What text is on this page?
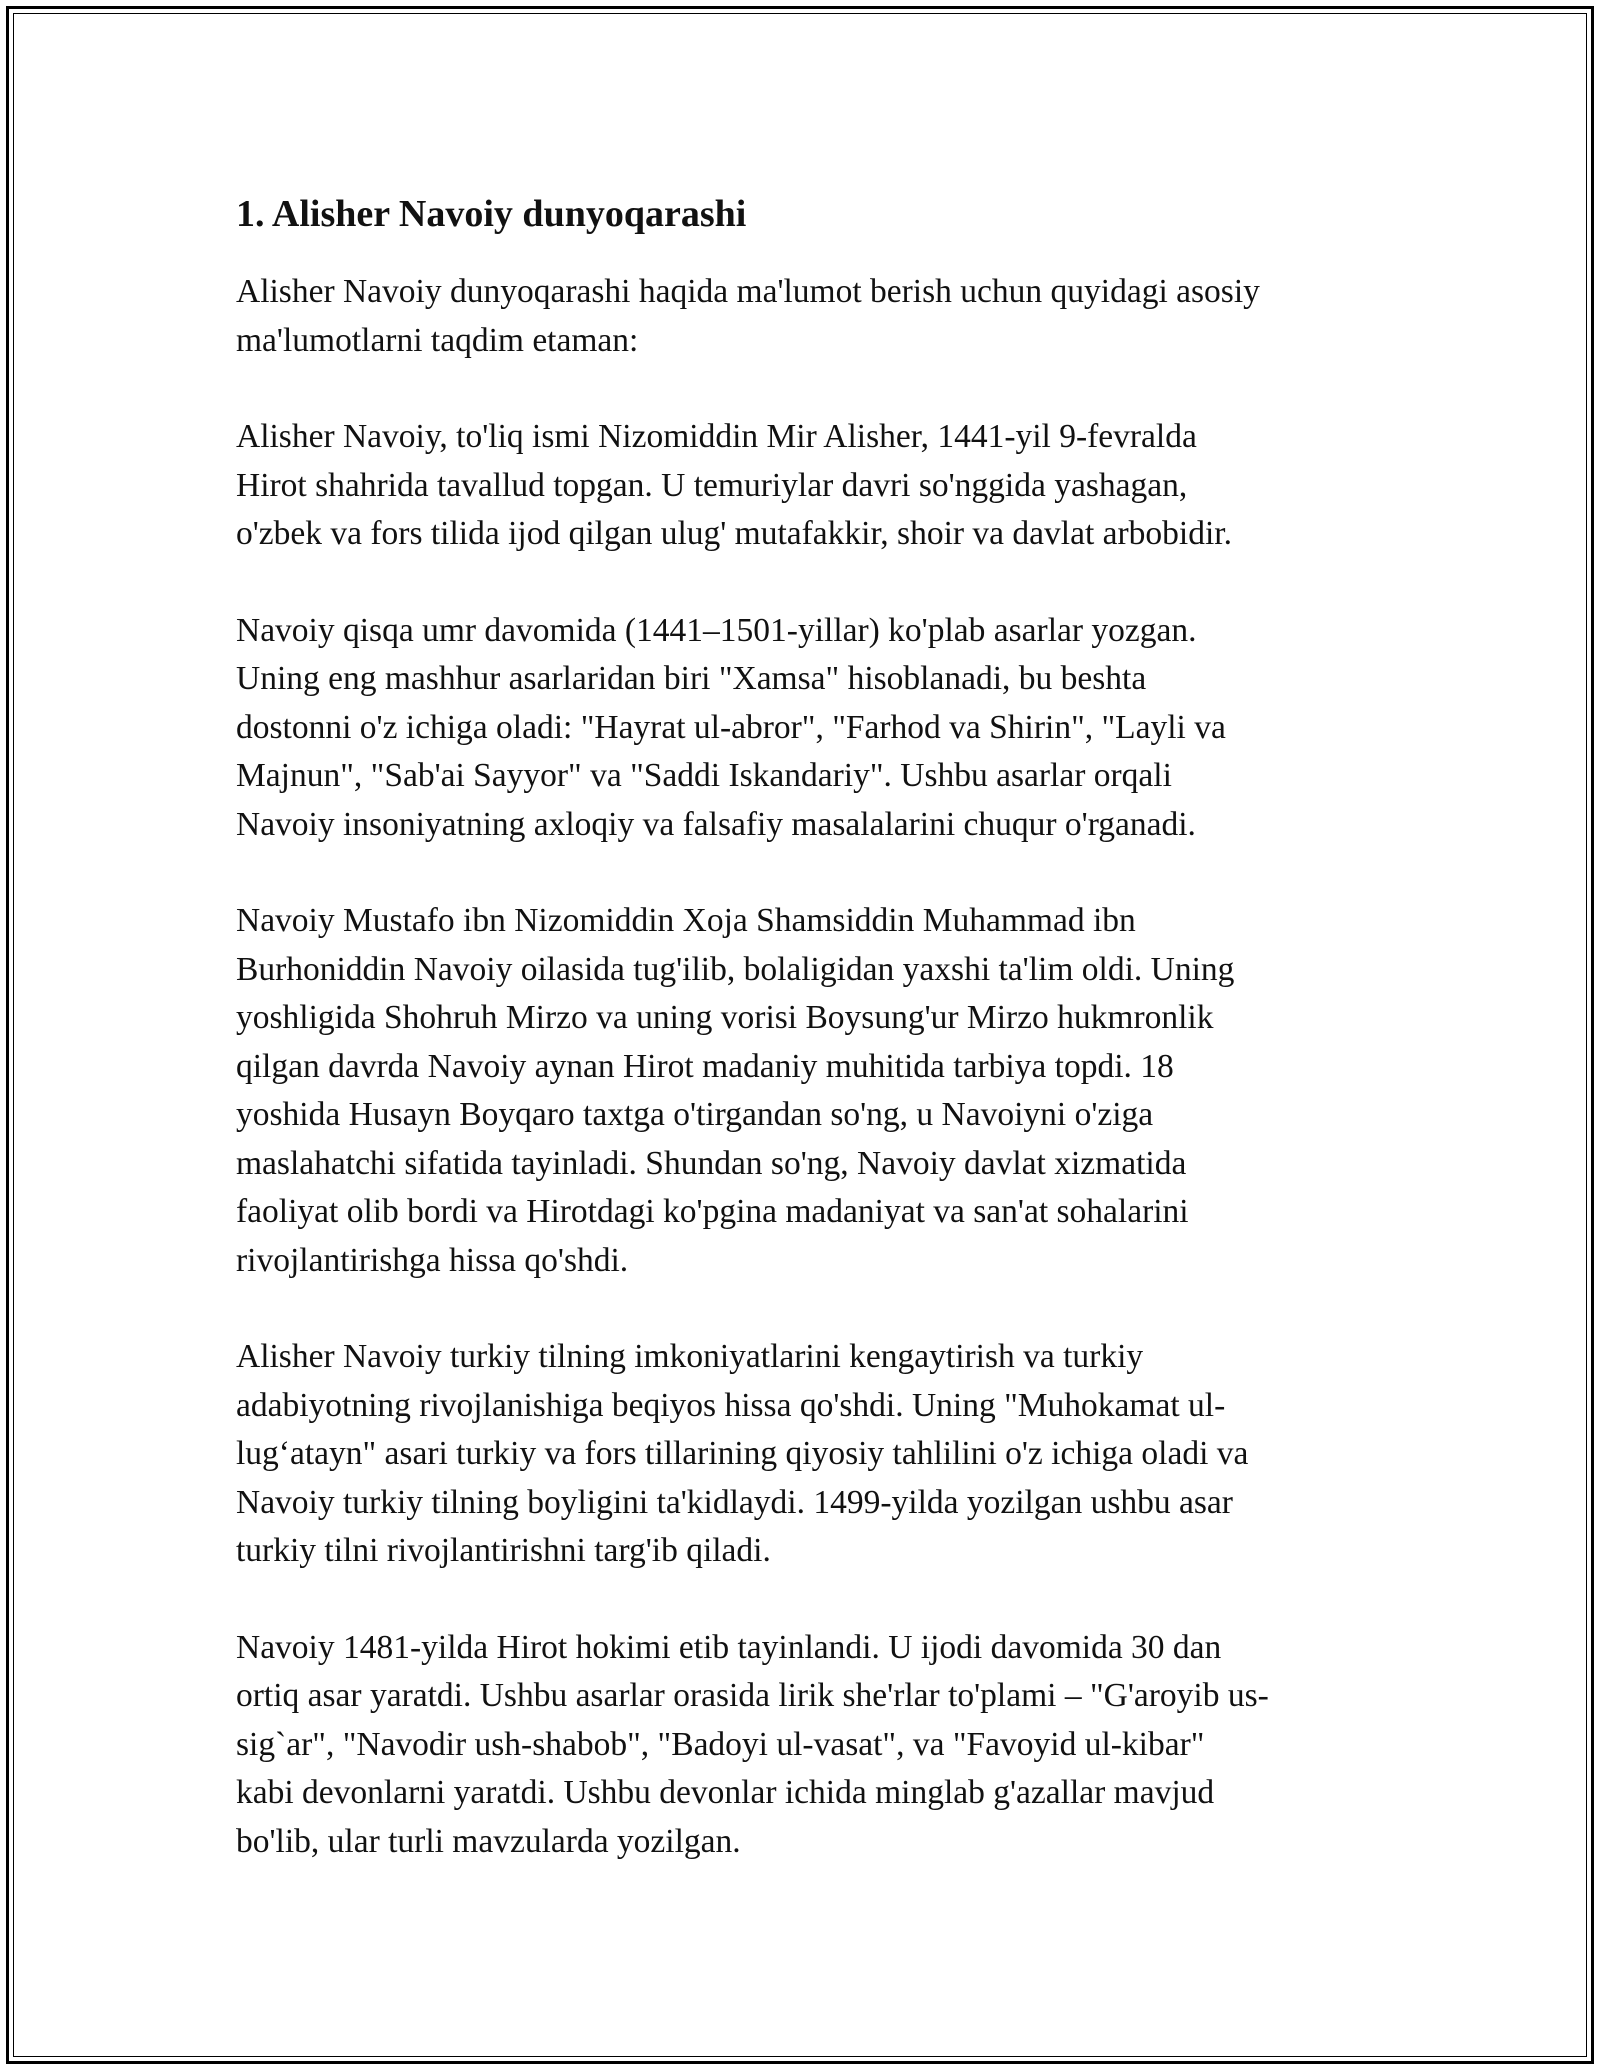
1. Alisher Navoiy dunyoqarashi

Alisher Navoiy dunyoqarashi haqida ma'lumot berish uchun quyidagi asosiy
ma'lumotlarni taqdim etaman:

Alisher Navoiy, to'liq ismi Nizomiddin Mir Alisher, 1441-yil 9-fevralda
Hirot shahrida tavallud topgan. U temuriylar davri so'nggida yashagan,
o'zbek va fors tilida ijod qilgan ulug' mutafakkir, shoir va davlat arbobidir.

Navoiy qisqa umr davomida (1441–1501-yillar) ko'plab asarlar yozgan.
Uning eng mashhur asarlaridan biri "Xamsa" hisoblanadi, bu beshta
dostonni o'z ichiga oladi: "Hayrat ul-abror", "Farhod va Shirin", "Layli va
Majnun", "Sab'ai Sayyor" va "Saddi Iskandariy". Ushbu asarlar orqali
Navoiy insoniyatning axloqiy va falsafiy masalalarini chuqur o'rganadi.

Navoiy Mustafo ibn Nizomiddin Xoja Shamsiddin Muhammad ibn
Burhoniddin Navoiy oilasida tug'ilib, bolaligidan yaxshi ta'lim oldi. Uning
yoshligida Shohruh Mirzo va uning vorisi Boysung'ur Mirzo hukmronlik
qilgan davrda Navoiy aynan Hirot madaniy muhitida tarbiya topdi. 18
yoshida Husayn Boyqaro taxtga o'tirgandan so'ng, u Navoiyni o'ziga
maslahatchi sifatida tayinladi. Shundan so'ng, Navoiy davlat xizmatida
faoliyat olib bordi va Hirotdagi ko'pgina madaniyat va san'at sohalarini
rivojlantirishga hissa qo'shdi.

Alisher Navoiy turkiy tilning imkoniyatlarini kengaytirish va turkiy
adabiyotning rivojlanishiga beqiyos hissa qo'shdi. Uning "Muhokamat ul-
lug‘atayn" asari turkiy va fors tillarining qiyosiy tahlilini o'z ichiga oladi va
Navoiy turkiy tilning boyligini ta'kidlaydi. 1499-yilda yozilgan ushbu asar
turkiy tilni rivojlantirishni targ'ib qiladi.

Navoiy 1481-yilda Hirot hokimi etib tayinlandi. U ijodi davomida 30 dan
ortiq asar yaratdi. Ushbu asarlar orasida lirik she'rlar to'plami – "G'aroyib us-
sig`ar", "Navodir ush-shabob", "Badoyi ul-vasat", va "Favoyid ul-kibar"
kabi devonlarni yaratdi. Ushbu devonlar ichida minglab g'azallar mavjud
bo'lib, ular turli mavzularda yozilgan.
